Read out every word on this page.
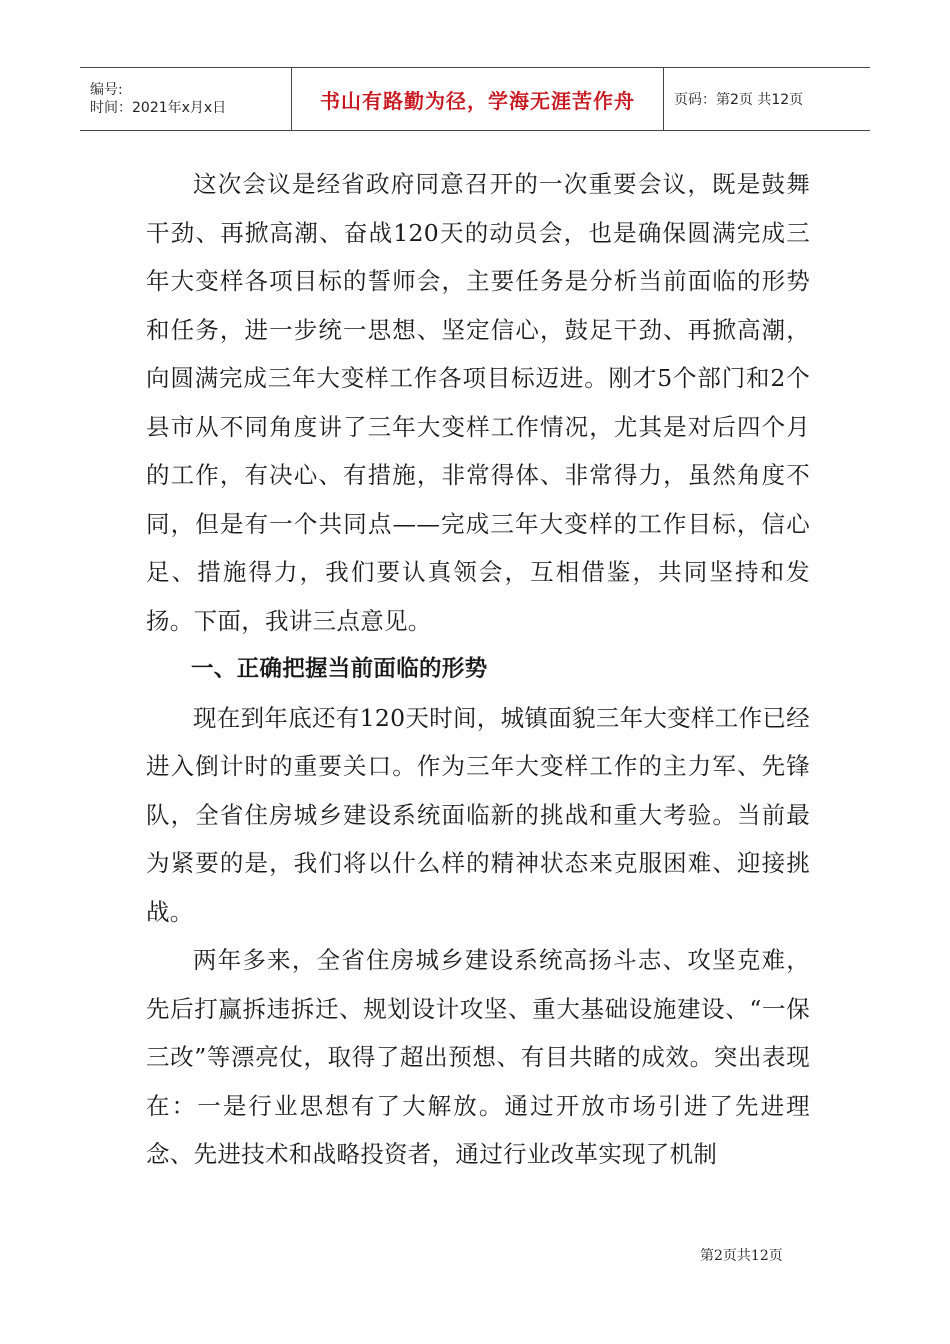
编号:
时间：2021年x月x日	书山有路勤为径，学海无涯苦作舟	页码：第2页 共12页

这次会议是经省政府同意召开的一次重要会议，既是鼓舞干劲、再掀高潮、奋战120天的动员会，也是确保圆满完成三年大变样各项目标的誓师会，主要任务是分析当前面临的形势和任务，进一步统一思想、坚定信心，鼓足干劲、再掀高潮，向圆满完成三年大变样工作各项目标迈进。刚才5个部门和2个县市从不同角度讲了三年大变样工作情况，尤其是对后四个月的工作，有决心、有措施，非常得体、非常得力，虽然角度不同，但是有一个共同点——完成三年大变样的工作目标，信心足、措施得力，我们要认真领会，互相借鉴，共同坚持和发扬。下面，我讲三点意见。

一、正确把握当前面临的形势

现在到年底还有120天时间，城镇面貌三年大变样工作已经进入倒计时的重要关口。作为三年大变样工作的主力军、先锋队，全省住房城乡建设系统面临新的挑战和重大考验。当前最为紧要的是，我们将以什么样的精神状态来克服困难、迎接挑战。

两年多来，全省住房城乡建设系统高扬斗志、攻坚克难，先后打赢拆违拆迁、规划设计攻坚、重大基础设施建设、“一保三改”等漂亮仗，取得了超出预想、有目共睹的成效。突出表现在：一是行业思想有了大解放。通过开放市场引进了先进理念、先进技术和战略投资者，通过行业改革实现了机制

第2页共12页
